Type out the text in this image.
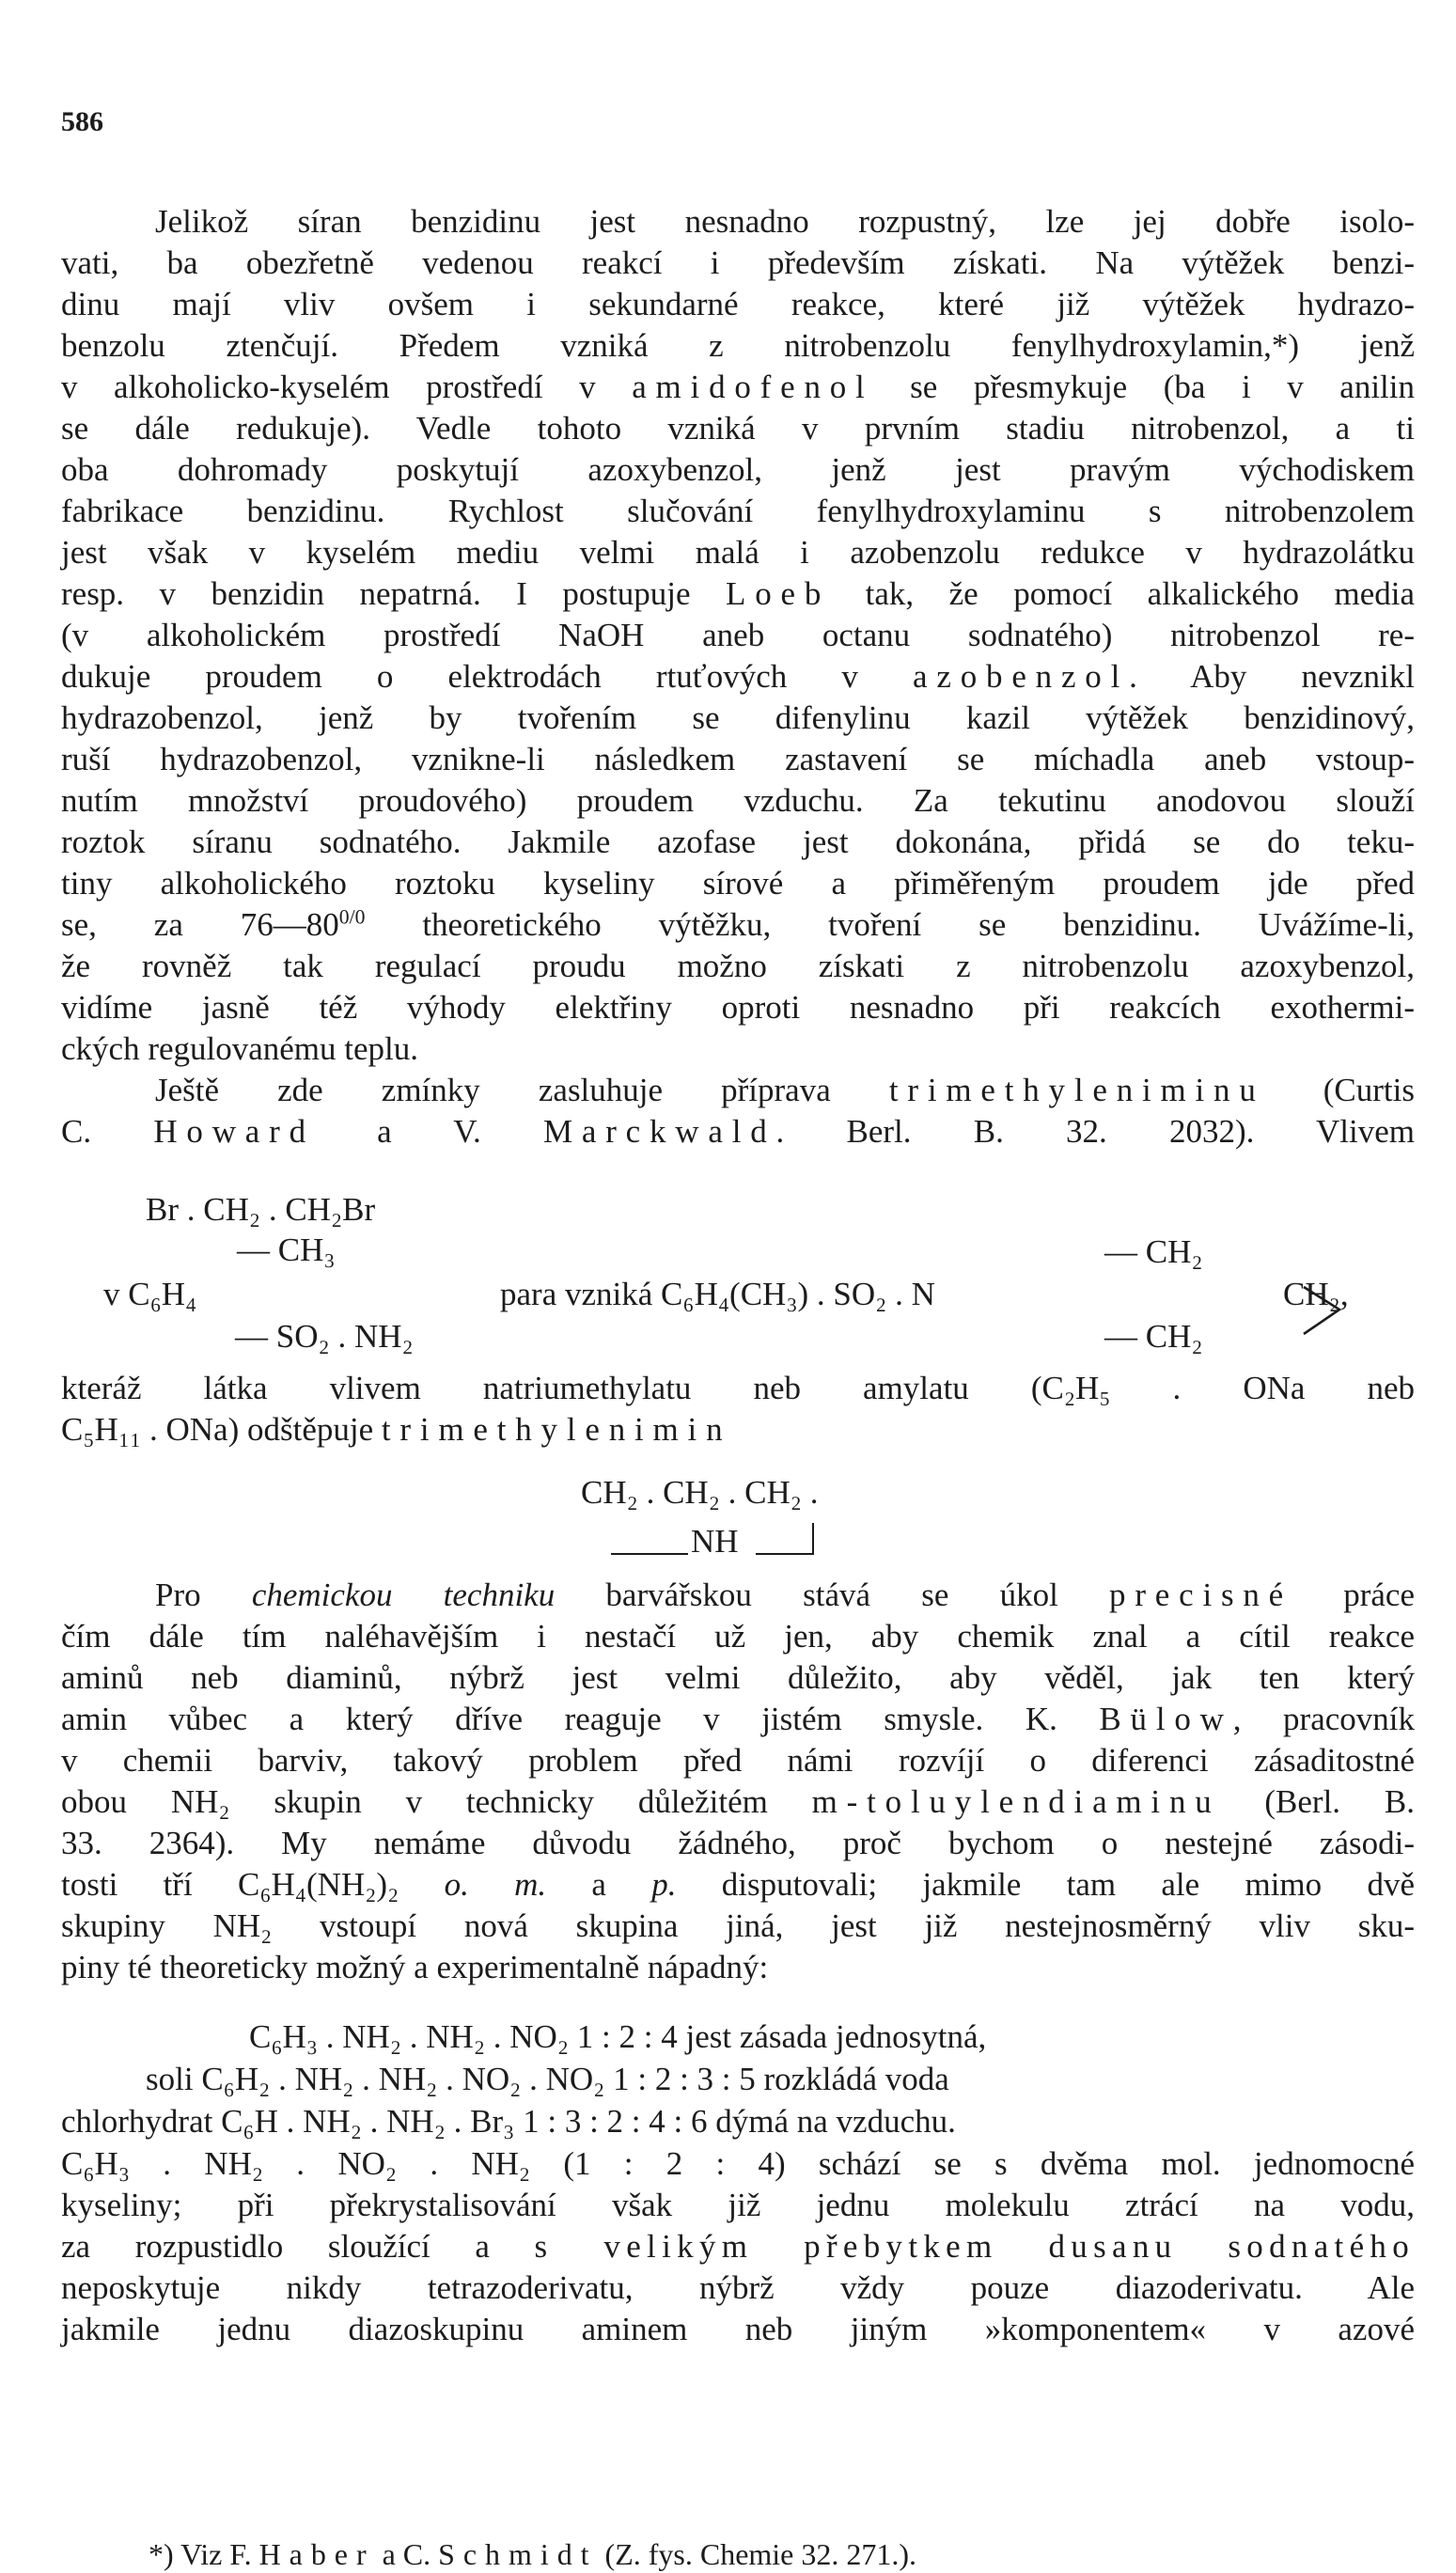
586
Jelikož síran benzidinu jest nesnadno rozpustný, lze jej dobře isolo-
vati, ba obezřetně vedenou reakcí i především získati. Na výtěžek benzi-
dinu mají vliv ovšem i sekundarné reakce, které již výtěžek hydrazo-
benzolu ztenčují. Předem vzniká z nitrobenzolu fenylhydroxylamin,*) jenž
v alkoholicko-kyselém prostředí v amidofenol se přesmykuje (ba i v anilin
se dále redukuje). Vedle tohoto vzniká v prvním stadiu nitrobenzol, a ti
oba dohromady poskytují azoxybenzol, jenž jest pravým východiskem
fabrikace benzidinu. Rychlost slučování fenylhydroxylaminu s nitrobenzolem
jest však v kyselém mediu velmi malá i azobenzolu redukce v hydrazolátku
resp. v benzidin nepatrná. I postupuje Loeb tak, že pomocí alkalického media
(v alkoholickém prostředí NaOH aneb octanu sodnatého) nitrobenzol re-
dukuje proudem o elektrodách rtuťových v azobenzol. Aby nevznikl
hydrazobenzol, jenž by tvořením se difenylinu kazil výtěžek benzidinový,
ruší hydrazobenzol, vznikne-li následkem zastavení se míchadla aneb vstoup-
nutím množství proudového) proudem vzduchu. Za tekutinu anodovou slouží
roztok síranu sodnatého. Jakmile azofase jest dokonána, přidá se do teku-
tiny alkoholického roztoku kyseliny sírové a přiměřeným proudem jde před
se, za $76—80^{0/0}$ theoretického výtěžku, tvoření se benzidinu. Uvážíme-li,
že rovněž tak regulací proudu možno získati z nitrobenzolu azoxybenzol,
vidíme jasně též výhody elektřiny oproti nesnadno při reakcích exothermi-
ckých regulovanému teplu.
Ještě zde zmínky zasluhuje příprava trimethyleniminu (Curtis
C. Howard a V. Marckwald. Berl. B. 32. 2032). Vlivem
Br . CH₂ . CH₂Br
— CH₃
v C₆H₄	para vzniká C₆H₄(CH₃) . SO₂ . N
— SO₂ . NH₂
— CH₂
CH₂,
— CH₂
kteráž látka vlivem natriumethylatu neb amylatu (C₂H₅ . ONa neb
C₅H₁₁ . ONa) odštěpuje trimethylenimin
CH₂ . CH₂ . CH₂ .
NH
Pro chemickou techniku barvářskou stává se úkol precisné práce
čím dále tím naléhavějším i nestačí už jen, aby chemik znal a cítil reakce
aminů neb diaminů, nýbrž jest velmi důležito, aby věděl, jak ten který
amin vůbec a který dříve reaguje v jistém smysle. K. Bülow, pracovník
v chemii barviv, takový problem před námi rozvíjí o diferenci zásaditostné
obou NH₂ skupin v technicky důležitém m-toluylendiaminu (Berl. B.
33. 2364). My nemáme důvodu žádného, proč bychom o nestejné zásodi-
tosti tří C₆H₄(NH₂)₂ o. m. a p. disputovali; jakmile tam ale mimo dvě
skupiny NH₂ vstoupí nová skupina jiná, jest již nestejnosměrný vliv sku-
piny té theoreticky možný a experimentalně nápadný:
C₆H₃ . NH₂ . NH₂ . NO₂ 1 : 2 : 4 jest zásada jednosytná,
soli C₆H₂ . NH₂ . NH₂ . NO₂ . NO₂ 1 : 2 : 3 : 5 rozkládá voda
chlorhydrat C₆H . NH₂ . NH₂ . Br₃ 1 : 3 : 2 : 4 : 6 dýmá na vzduchu.
C₆H₃ . NH₂ . NO₂ . NH₂ (1 : 2 : 4) schází se s dvěma mol. jednomocné
kyseliny; při překrystalisování však již jednu molekulu ztrácí na vodu,
za rozpustidlo sloužící a s velikým přebytkem dusanu sodnatého
neposkytuje nikdy tetrazoderivatu, nýbrž vždy pouze diazoderivatu. Ale
jakmile jednu diazoskupinu aminem neb jiným »komponentem« v azové
*) Viz F. Haber a C. Schmidt (Z. fys. Chemie 32. 271.).
